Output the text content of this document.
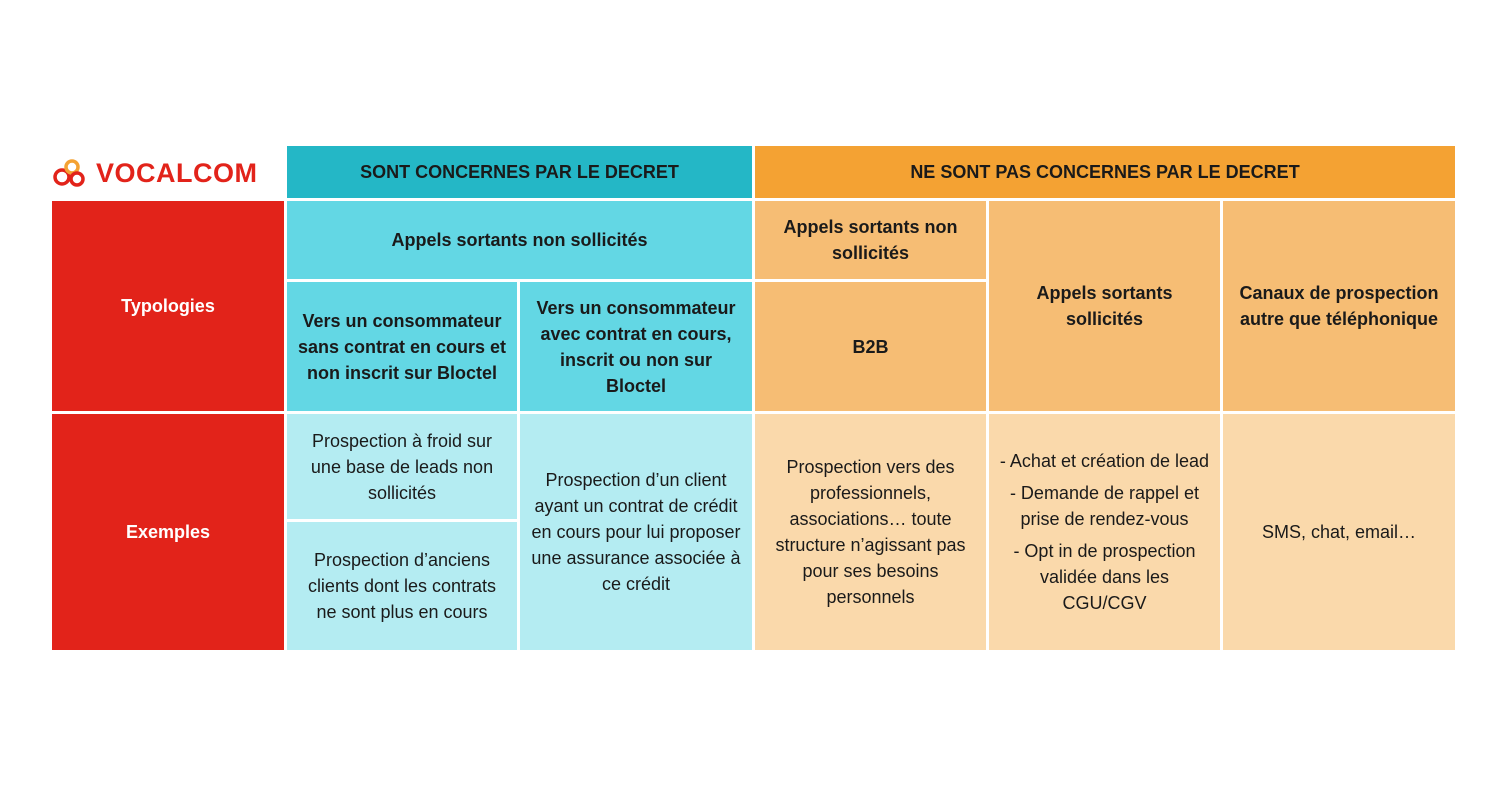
VOCALCOM	SONT CONCERNES PAR LE DECRET	NE SONT PAS CONCERNES PAR LE DECRET
Typologies
Exemples
Appels sortants non sollicités
Vers un consommateur sans contrat en cours et non inscrit sur Bloctel
Vers un consommateur avec contrat en cours, inscrit ou non sur Bloctel
Appels sortants non sollicités
B2B
Appels sortants sollicités
Canaux de prospection autre que téléphonique
Prospection à froid sur une base de leads non sollicités
Prospection d’anciens clients dont les contrats ne sont plus en cours
Prospection d’un client ayant un contrat de crédit en cours pour lui proposer une assurance associée à ce crédit
Prospection vers des professionnels, associations… toute structure n’agissant pas pour ses besoins personnels

- Achat et création de lead

- Demande de rappel et prise de rendez-vous

- Opt in de prospection validée dans les CGU/CGV

SMS, chat, email…
